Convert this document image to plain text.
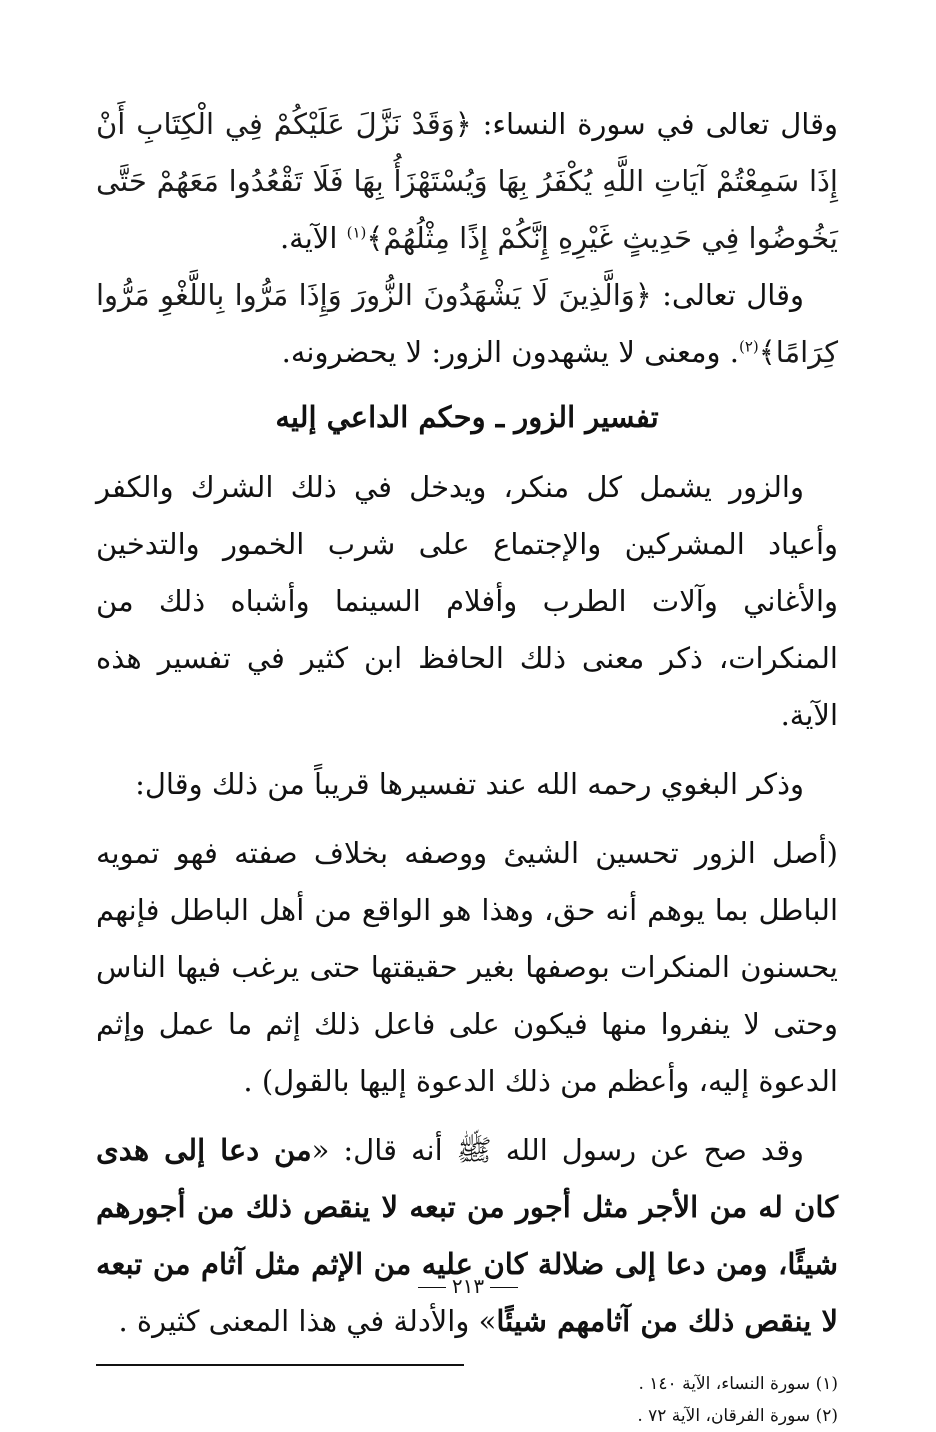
وقال تعالى في سورة النساء: ﴿وَقَدْ نَزَّلَ عَلَيْكُمْ فِي الْكِتَابِ أَنْ إِذَا سَمِعْتُمْ آيَاتِ اللَّهِ يُكْفَرُ بِهَا وَيُسْتَهْزَأُ بِهَا فَلَا تَقْعُدُوا مَعَهُمْ حَتَّى يَخُوضُوا فِي حَدِيثٍ غَيْرِهِ إِنَّكُمْ إِذًا مِثْلُهُمْ﴾$^{(١)}$ الآية.

وقال تعالى: ﴿وَالَّذِينَ لَا يَشْهَدُونَ الزُّورَ وَإِذَا مَرُّوا بِاللَّغْوِ مَرُّوا كِرَامًا﴾$^{(٢)}$. ومعنى لا يشهدون الزور: لا يحضرونه.

تفسير الزور ـ وحكم الداعي إليه

والزور يشمل كل منكر، ويدخل في ذلك الشرك والكفر وأعياد المشركين والإجتماع على شرب الخمور والتدخين والأغاني وآلات الطرب وأفلام السينما وأشباه ذلك من المنكرات، ذكر معنى ذلك الحافظ ابن كثير في تفسير هذه الآية.

وذكر البغوي رحمه الله عند تفسيرها قريباً من ذلك وقال:

(أصل الزور تحسين الشيئ ووصفه بخلاف صفته فهو تمويه الباطل بما يوهم أنه حق، وهذا هو الواقع من أهل الباطل فإنهم يحسنون المنكرات بوصفها بغير حقيقتها حتى يرغب فيها الناس وحتى لا ينفروا منها فيكون على فاعل ذلك إثم ما عمل وإثم الدعوة إليه، وأعظم من ذلك الدعوة إليها بالقول) .

وقد صح عن رسول الله ﷺ أنه قال: «من دعا إلى هدى كان له من الأجر مثل أجور من تبعه لا ينقص ذلك من أجورهم شيئًا، ومن دعا إلى ضلالة كان عليه من الإثم مثل آثام من تبعه لا ينقص ذلك من آثامهم شيئًا» والأدلة في هذا المعنى كثيرة .

(١) سورة النساء، الآية ١٤٠ .
(٢) سورة الفرقان، الآية ٧٢ .
٢١٣
